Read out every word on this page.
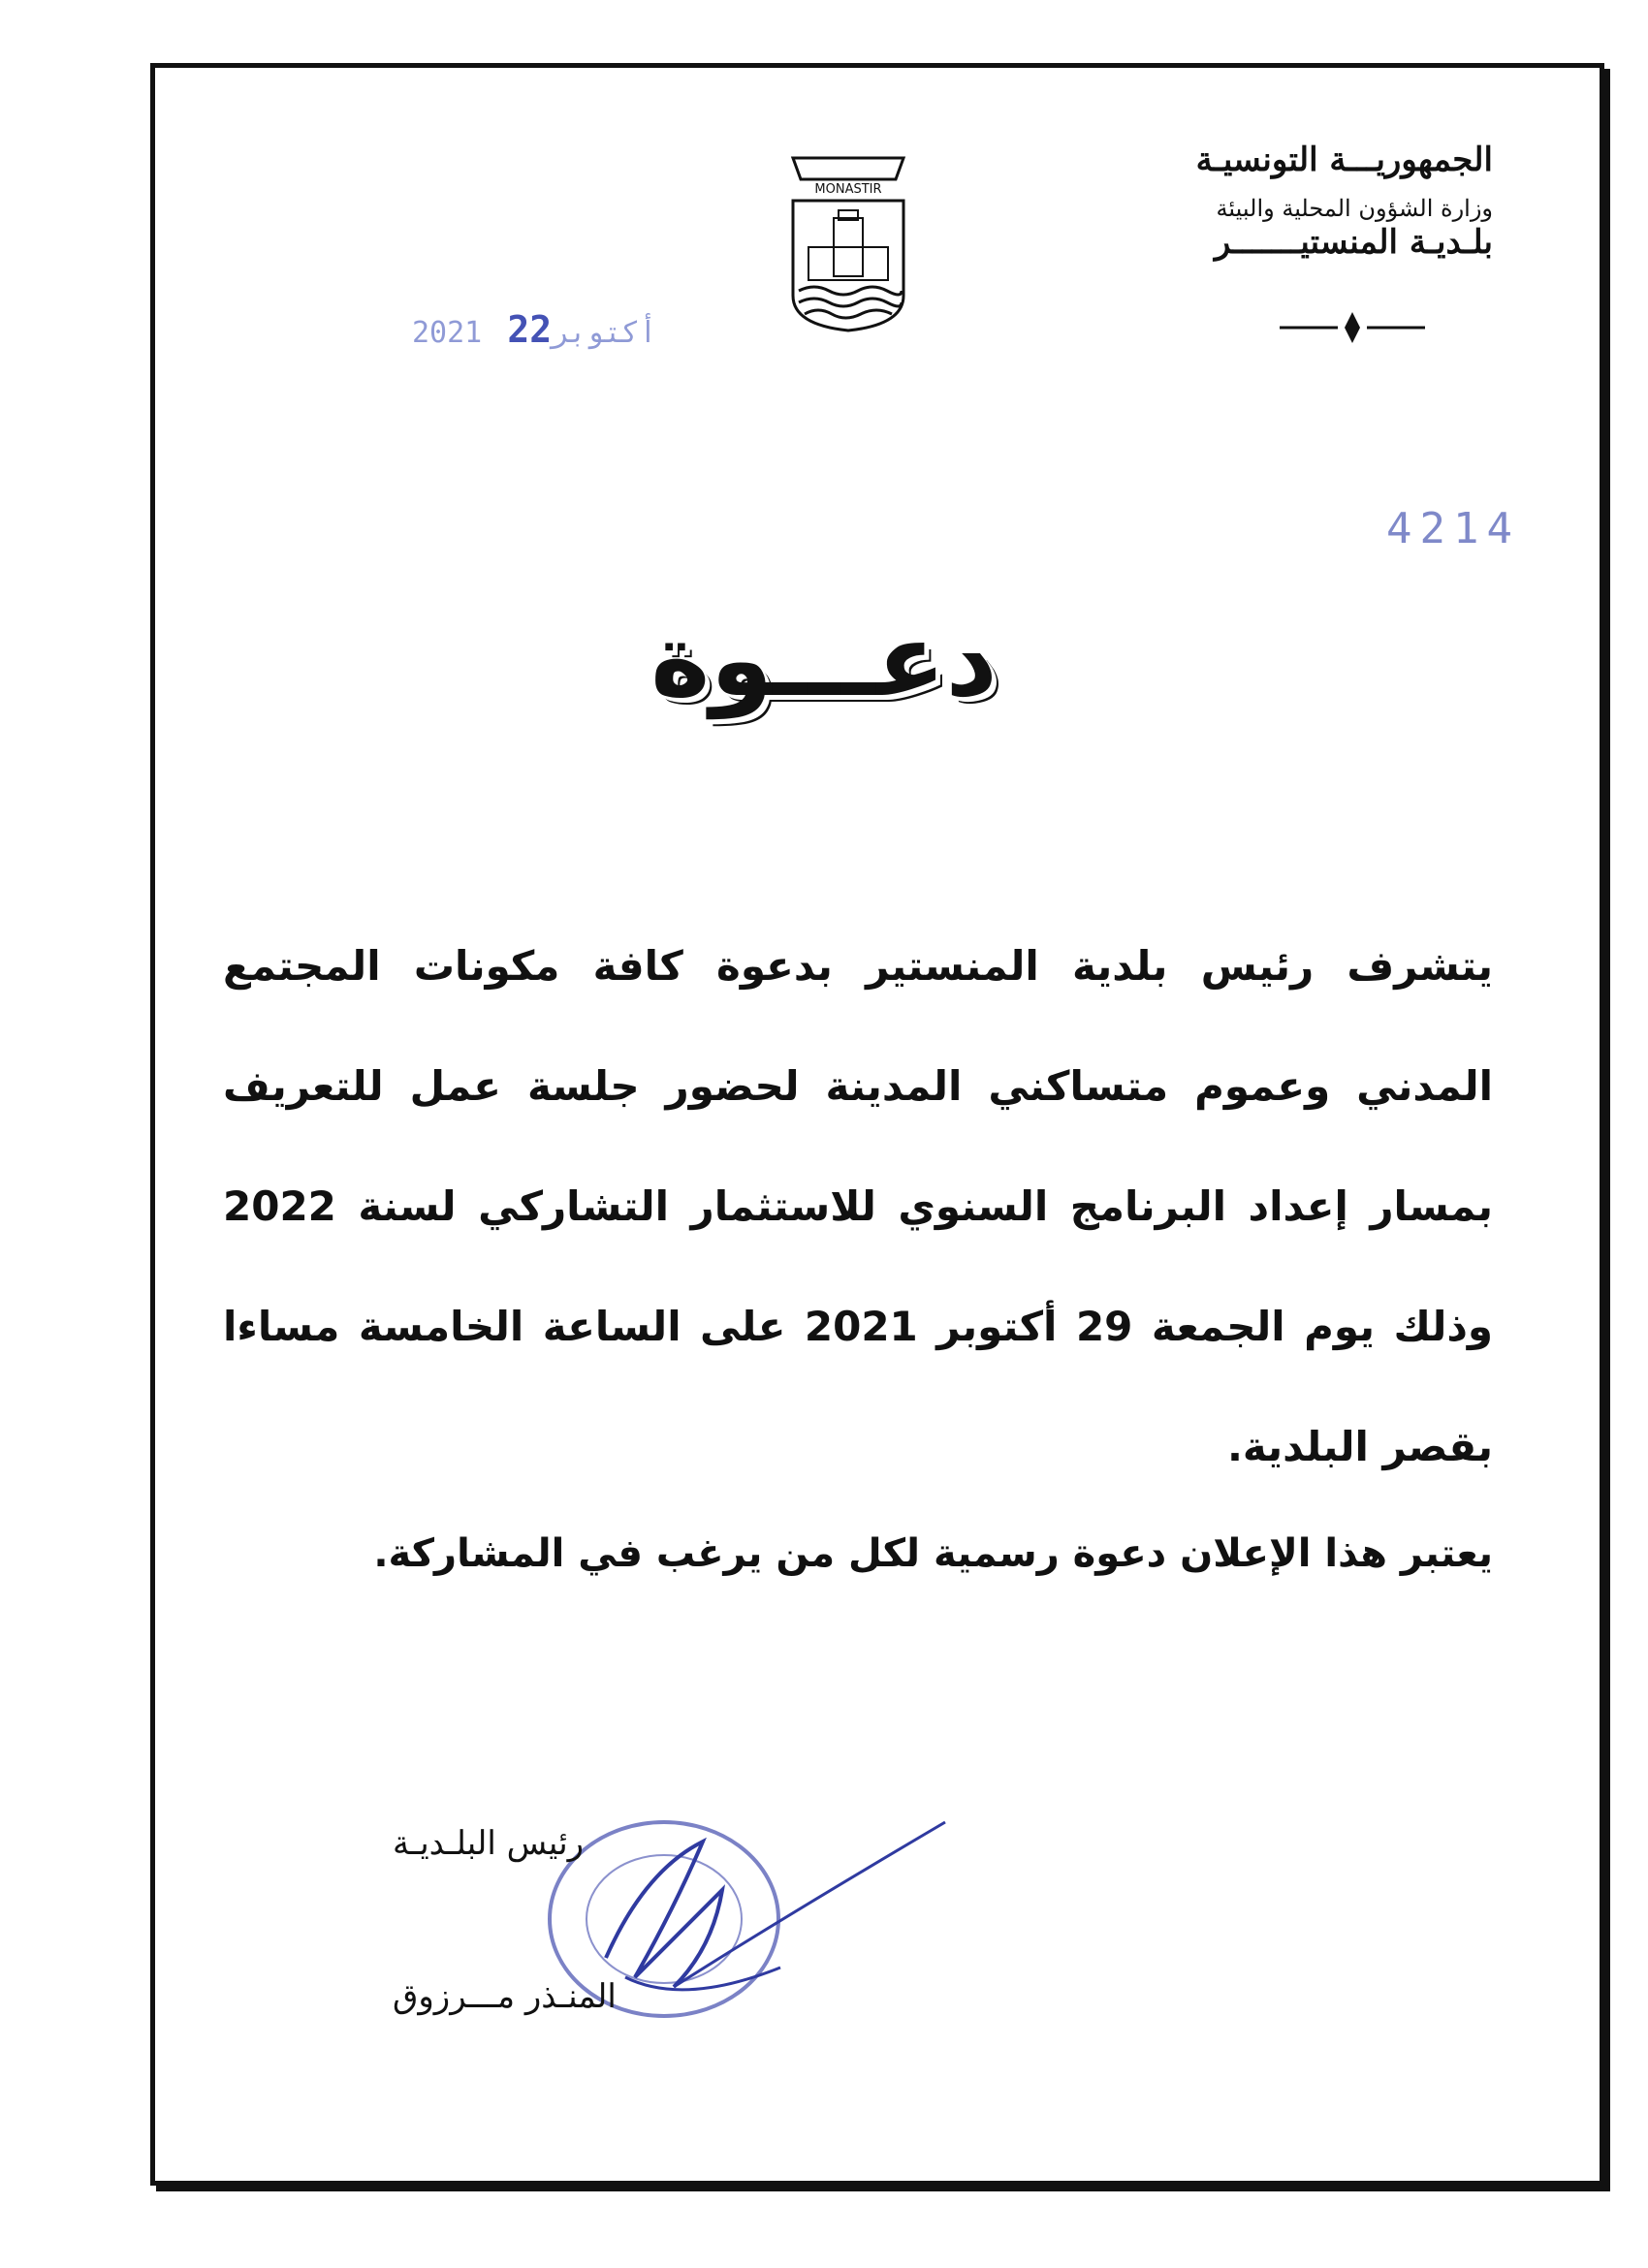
الجمهوريـــة التونسيـة
وزارة الشؤون المحلية والبيئة
بلـديـة المنستيـــــــر
MONASTIR
2021 أكتوبر22
4214
دعـــوة

يتشرف رئيس بلدية المنستير بدعوة كافة مكونات المجتمع المدني وعموم متساكني المدينة لحضور جلسة عمل للتعريف بمسار إعداد البرنامج السنوي للاستثمار التشاركي لسنة 2022 وذلك يوم الجمعة 29 أكتوبر 2021 على الساعة الخامسة مساءا بقصر البلدية.

يعتبر هذا الإعلان دعوة رسمية لكل من يرغب في المشاركة.
رئيس البلـديـة
المنـذر مـــرزوق
